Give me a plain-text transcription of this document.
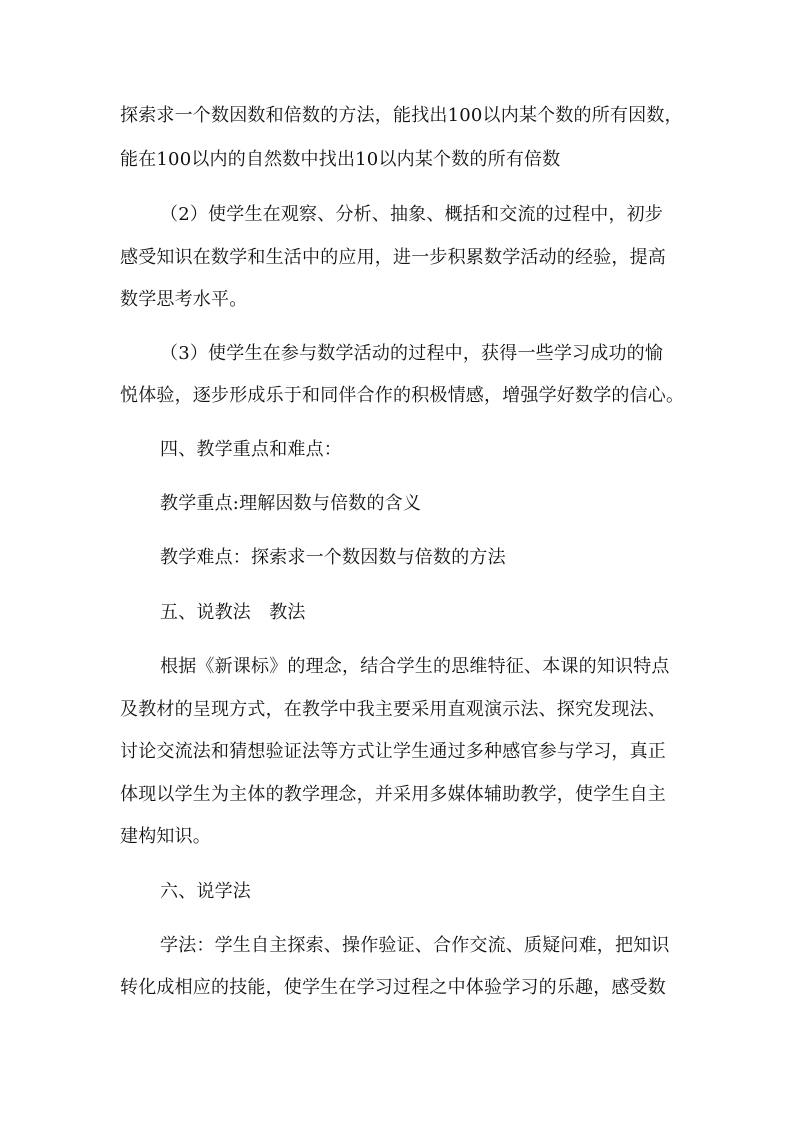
探索求一个数因数和倍数的方法，能找出100以内某个数的所有因数，
能在100以内的自然数中找出10以内某个数的所有倍数
（2）使学生在观察、分析、抽象、概括和交流的过程中，初步
感受知识在数学和生活中的应用，进一步积累数学活动的经验，提高
数学思考水平。
（3）使学生在参与数学活动的过程中，获得一些学习成功的愉
悦体验，逐步形成乐于和同伴合作的积极情感，增强学好数学的信心。
四、教学重点和难点：
教学重点:理解因数与倍数的含义
教学难点：探索求一个数因数与倍数的方法
五、说教法　教法
根据《新课标》的理念，结合学生的思维特征、本课的知识特点
及教材的呈现方式，在教学中我主要采用直观演示法、探究发现法、
讨论交流法和猜想验证法等方式让学生通过多种感官参与学习，真正
体现以学生为主体的教学理念，并采用多媒体辅助教学，使学生自主
建构知识。
六、说学法
学法：学生自主探索、操作验证、合作交流、质疑问难，把知识
转化成相应的技能，使学生在学习过程之中体验学习的乐趣，感受数
